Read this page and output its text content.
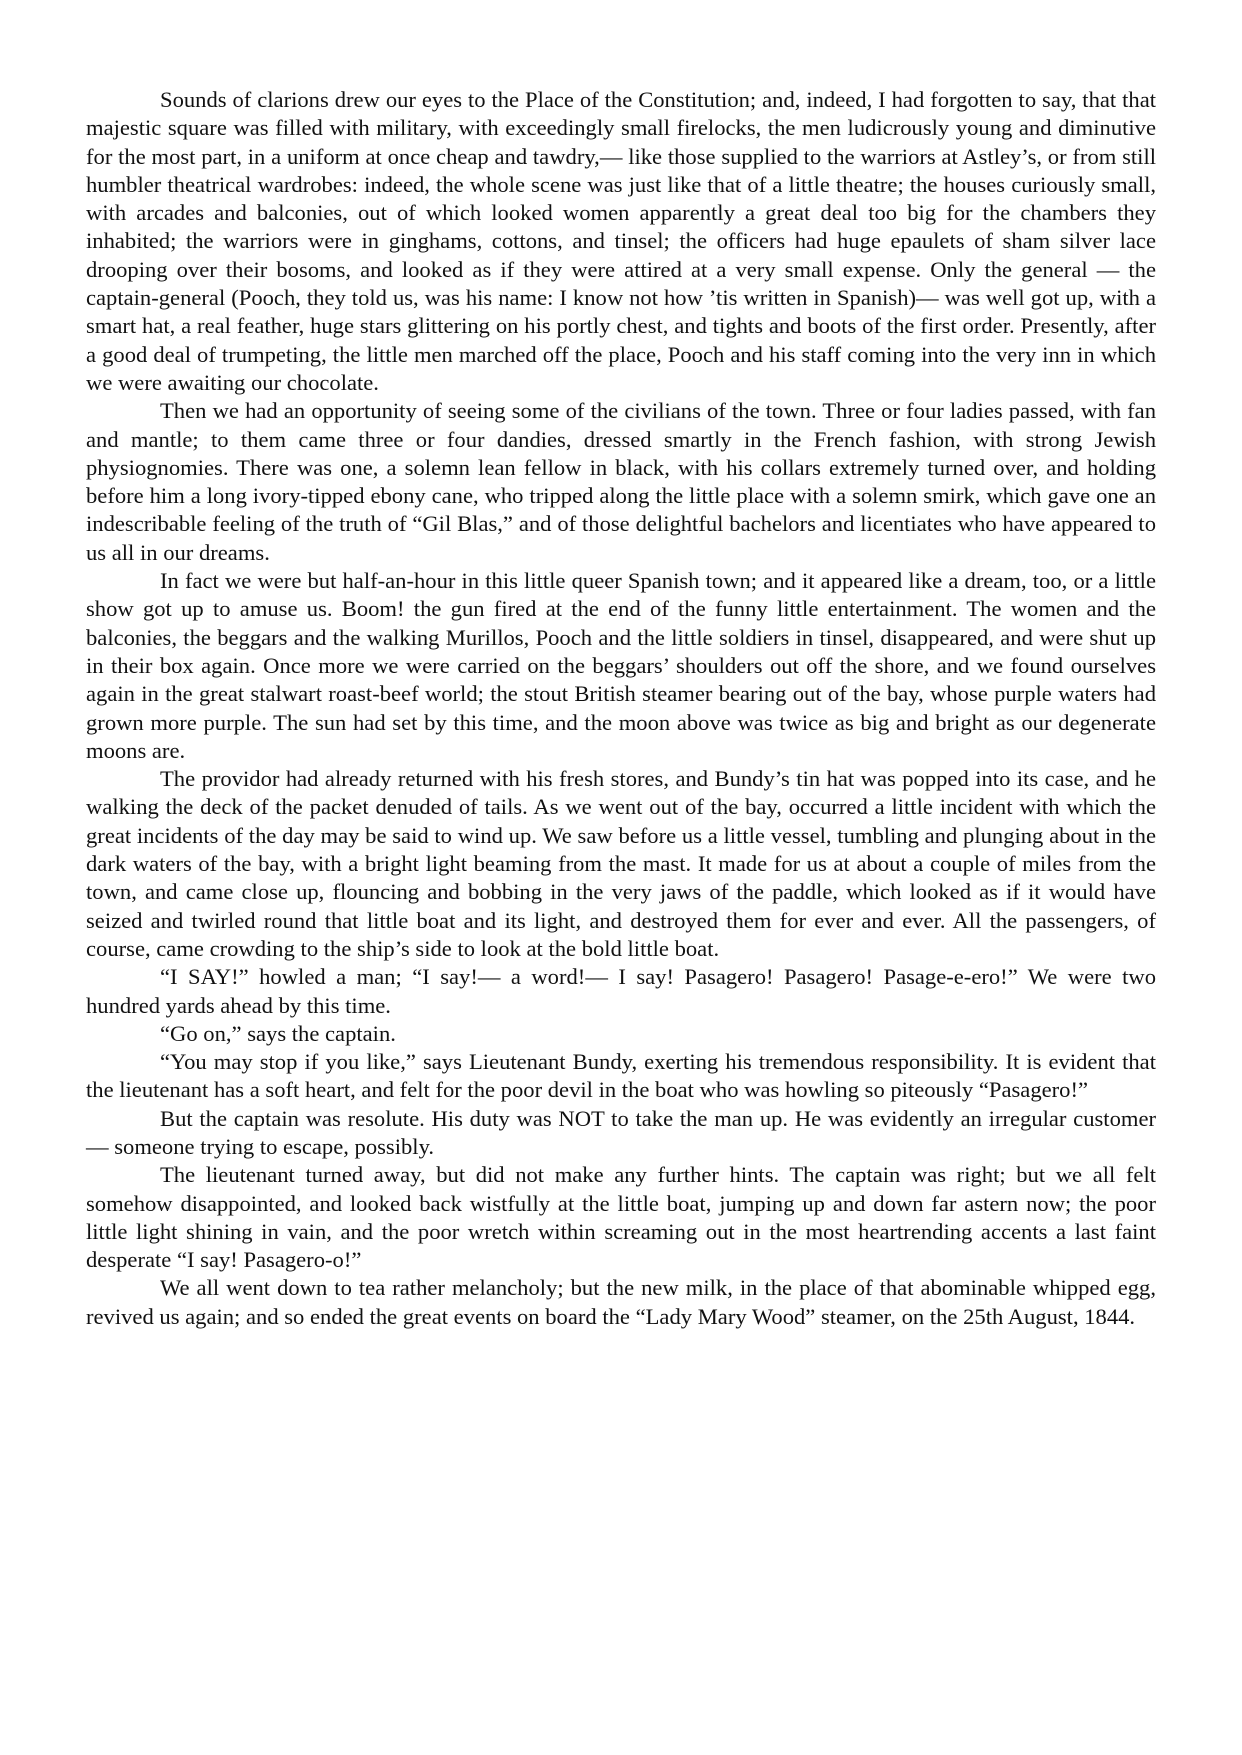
Sounds of clarions drew our eyes to the Place of the Constitution; and, indeed, I had forgotten to say, that that majestic square was filled with military, with exceedingly small firelocks, the men ludicrously young and diminutive for the most part, in a uniform at once cheap and tawdry,— like those supplied to the warriors at Astley’s, or from still humbler theatrical wardrobes: indeed, the whole scene was just like that of a little theatre; the houses curiously small, with arcades and balconies, out of which looked women apparently a great deal too big for the chambers they inhabited; the warriors were in ginghams, cottons, and tinsel; the officers had huge epaulets of sham silver lace drooping over their bosoms, and looked as if they were attired at a very small expense. Only the general — the captain-general (Pooch, they told us, was his name: I know not how ’tis written in Spanish)— was well got up, with a smart hat, a real feather, huge stars glittering on his portly chest, and tights and boots of the first order. Presently, after a good deal of trumpeting, the little men marched off the place, Pooch and his staff coming into the very inn in which we were awaiting our chocolate.

Then we had an opportunity of seeing some of the civilians of the town. Three or four ladies passed, with fan and mantle; to them came three or four dandies, dressed smartly in the French fashion, with strong Jewish physiognomies. There was one, a solemn lean fellow in black, with his collars extremely turned over, and holding before him a long ivory-tipped ebony cane, who tripped along the little place with a solemn smirk, which gave one an indescribable feeling of the truth of “Gil Blas,” and of those delightful bachelors and licentiates who have appeared to us all in our dreams.

In fact we were but half-an-hour in this little queer Spanish town; and it appeared like a dream, too, or a little show got up to amuse us. Boom! the gun fired at the end of the funny little entertainment. The women and the balconies, the beggars and the walking Murillos, Pooch and the little soldiers in tinsel, disappeared, and were shut up in their box again. Once more we were carried on the beggars’ shoulders out off the shore, and we found ourselves again in the great stalwart roast-beef world; the stout British steamer bearing out of the bay, whose purple waters had grown more purple. The sun had set by this time, and the moon above was twice as big and bright as our degenerate moons are.

The providor had already returned with his fresh stores, and Bundy’s tin hat was popped into its case, and he walking the deck of the packet denuded of tails. As we went out of the bay, occurred a little incident with which the great incidents of the day may be said to wind up. We saw before us a little vessel, tumbling and plunging about in the dark waters of the bay, with a bright light beaming from the mast. It made for us at about a couple of miles from the town, and came close up, flouncing and bobbing in the very jaws of the paddle, which looked as if it would have seized and twirled round that little boat and its light, and destroyed them for ever and ever. All the passengers, of course, came crowding to the ship’s side to look at the bold little boat.

“I SAY!” howled a man; “I say!— a word!— I say! Pasagero! Pasagero! Pasage-e-ero!” We were two hundred yards ahead by this time.

“Go on,” says the captain.

“You may stop if you like,” says Lieutenant Bundy, exerting his tremendous responsibility. It is evident that the lieutenant has a soft heart, and felt for the poor devil in the boat who was howling so piteously “Pasagero!”

But the captain was resolute. His duty was NOT to take the man up. He was evidently an irregular customer — someone trying to escape, possibly.

The lieutenant turned away, but did not make any further hints. The captain was right; but we all felt somehow disappointed, and looked back wistfully at the little boat, jumping up and down far astern now; the poor little light shining in vain, and the poor wretch within screaming out in the most heartrending accents a last faint desperate “I say! Pasagero-o!”

We all went down to tea rather melancholy; but the new milk, in the place of that abominable whipped egg, revived us again; and so ended the great events on board the “Lady Mary Wood” steamer, on the 25th August, 1844.
